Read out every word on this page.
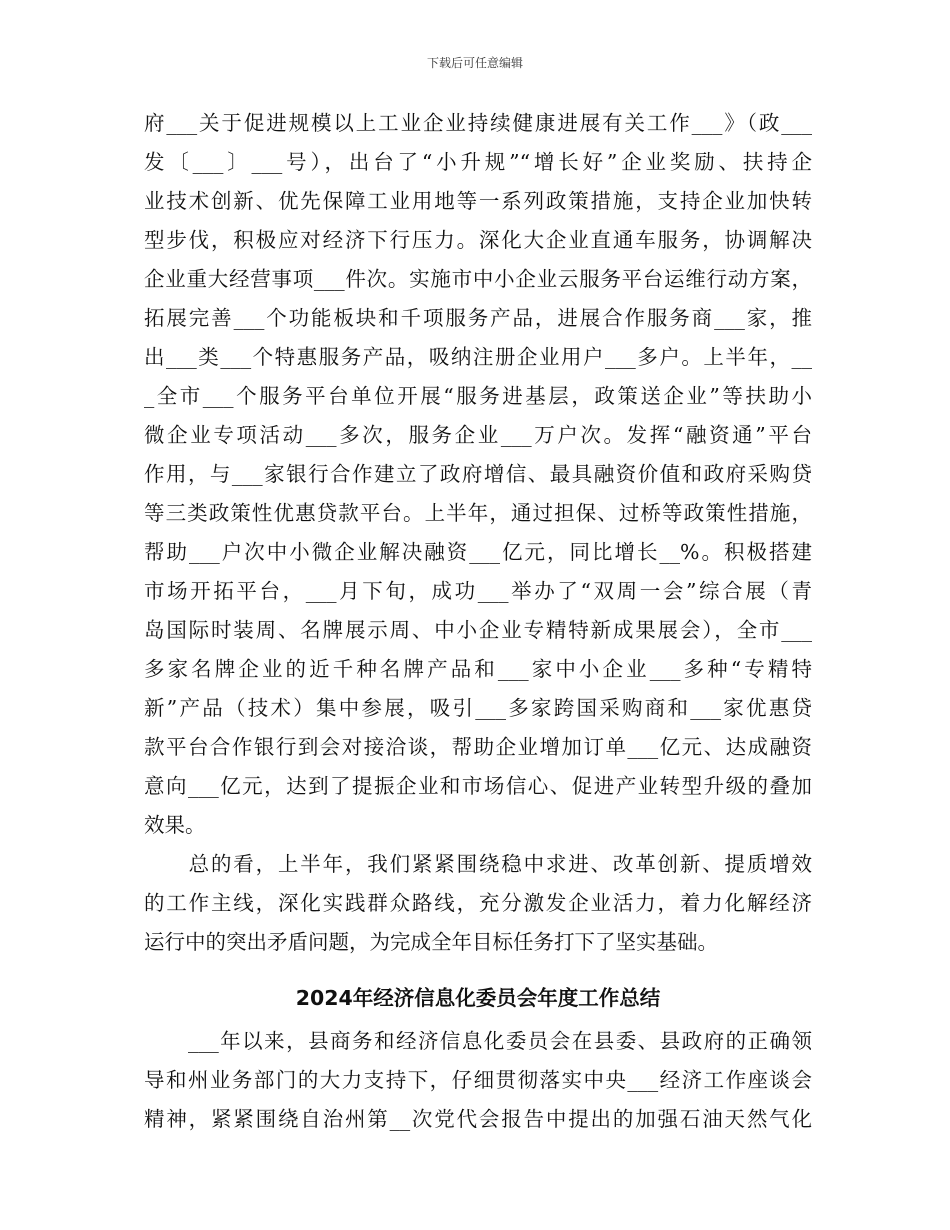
下载后可任意编辑
府___关于促进规模以上工业企业持续健康进展有关工作___》（政___
发〔___〕___号），出台了“小升规”“增长好”企业奖励、扶持企
业技术创新、优先保障工业用地等一系列政策措施，支持企业加快转
型步伐，积极应对经济下行压力。深化大企业直通车服务，协调解决
企业重大经营事项___件次。实施市中小企业云服务平台运维行动方案，
拓展完善___个功能板块和千项服务产品，进展合作服务商___家，推
出___类___个特惠服务产品，吸纳注册企业用户___多户。上半年，__
_全市___个服务平台单位开展“服务进基层，政策送企业”等扶助小
微企业专项活动___多次，服务企业___万户次。发挥“融资通”平台
作用，与___家银行合作建立了政府增信、最具融资价值和政府采购贷
等三类政策性优惠贷款平台。上半年，通过担保、过桥等政策性措施，
帮助___户次中小微企业解决融资___亿元，同比增长__%。积极搭建
市场开拓平台，___月下旬，成功___举办了“双周一会”综合展（青
岛国际时装周、名牌展示周、中小企业专精特新成果展会），全市___
多家名牌企业的近千种名牌产品和___家中小企业___多种“专精特
新”产品（技术）集中参展，吸引___多家跨国采购商和___家优惠贷
款平台合作银行到会对接洽谈，帮助企业增加订单___亿元、达成融资
意向___亿元，达到了提振企业和市场信心、促进产业转型升级的叠加
效果。
　　总的看，上半年，我们紧紧围绕稳中求进、改革创新、提质增效
的工作主线，深化实践群众路线，充分激发企业活力，着力化解经济
运行中的突出矛盾问题，为完成全年目标任务打下了坚实基础。
2024年经济信息化委员会年度工作总结
　　___年以来，县商务和经济信息化委员会在县委、县政府的正确领
导和州业务部门的大力支持下，仔细贯彻落实中央___经济工作座谈会
精神，紧紧围绕自治州第__次党代会报告中提出的加强石油天然气化
